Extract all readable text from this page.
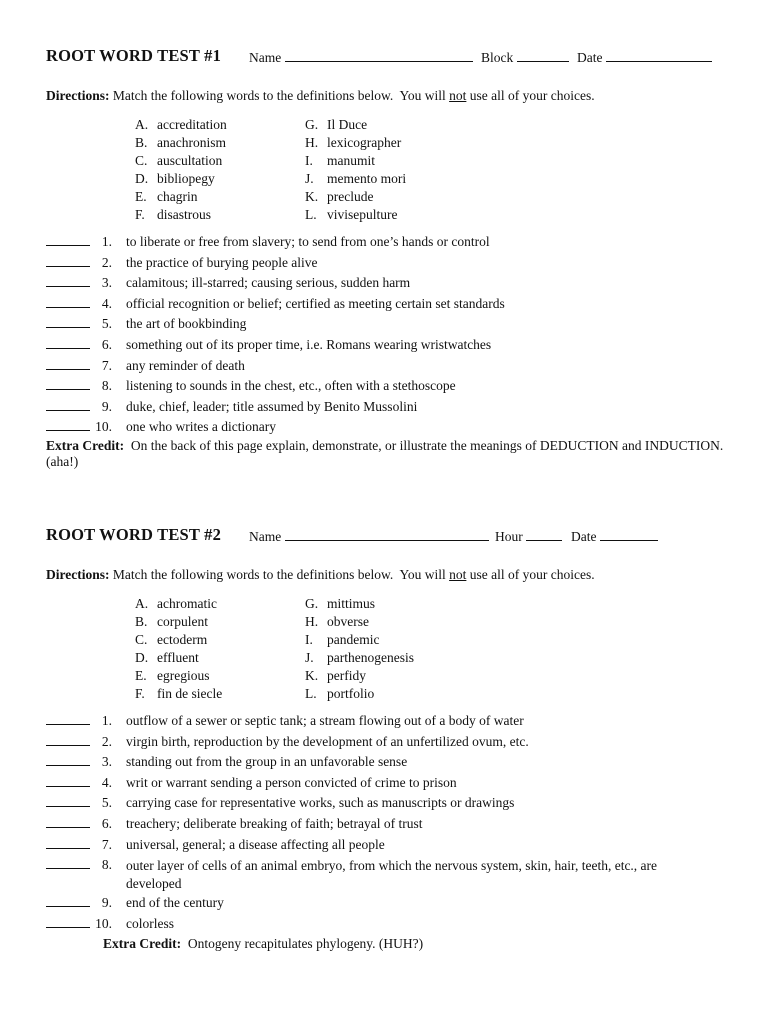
ROOT WORD TEST #1 Name	Block	Date
Directions: Match the following words to the definitions below.  You will not use all of your choices.
A. accreditation
B. anachronism
C. auscultation
D. bibliopegy
E. chagrin
F. disastrous
G. Il Duce
H. lexicographer
I. manumit
J. memento mori
K. preclude
L. vivisepulture
1. to liberate or free from slavery; to send from one’s hands or control
2. the practice of burying people alive
3. calamitous; ill-starred; causing serious, sudden harm
4. official recognition or belief; certified as meeting certain set standards
5. the art of bookbinding
6. something out of its proper time, i.e. Romans wearing wristwatches
7. any reminder of death
8. listening to sounds in the chest, etc., often with a stethoscope
9. duke, chief, leader; title assumed by Benito Mussolini
10. one who writes a dictionary
Extra Credit: On the back of this page explain, demonstrate, or illustrate the meanings of DEDUCTION and INDUCTION. (aha!)
ROOT WORD TEST #2 Name	Hour	Date
Directions: Match the following words to the definitions below.  You will not use all of your choices.
A. achromatic
B. corpulent
C. ectoderm
D. effluent
E. egregious
F. fin de siecle
G. mittimus
H. obverse
I. pandemic
J. parthenogenesis
K. perfidy
L. portfolio
1. outflow of a sewer or septic tank; a stream flowing out of a body of water
2. virgin birth, reproduction by the development of an unfertilized ovum, etc.
3. standing out from the group in an unfavorable sense
4. writ or warrant sending a person convicted of crime to prison
5. carrying case for representative works, such as manuscripts or drawings
6. treachery; deliberate breaking of faith; betrayal of trust
7. universal, general; a disease affecting all people
8. outer layer of cells of an animal embryo, from which the nervous system, skin, hair, teeth, etc., are developed
9. end of the century
10. colorless
Extra Credit: Ontogeny recapitulates phylogeny. (HUH?)
